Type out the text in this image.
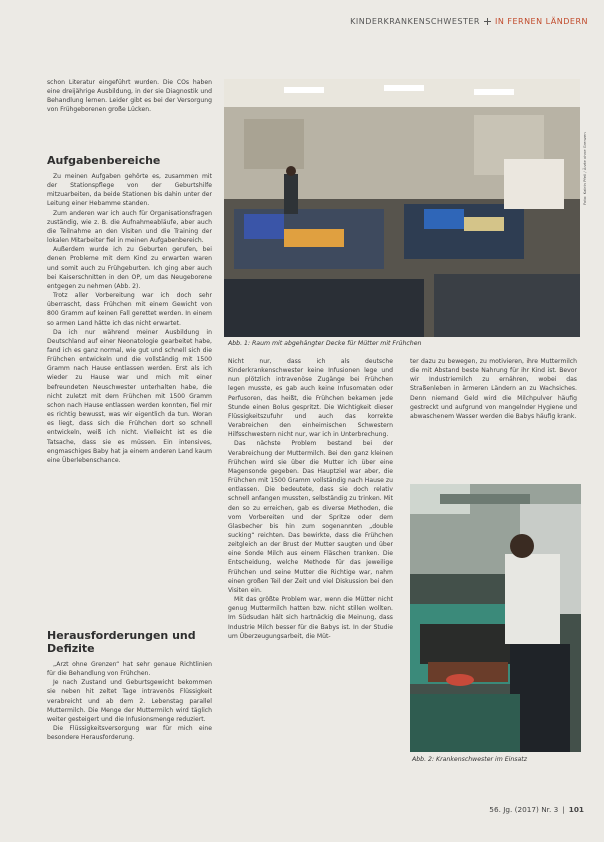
KINDERKRANKENSCHWESTER IN FERNEN LÄNDERN

schon Literatur eingeführt wurden. Die COs haben eine dreijährige Ausbildung, in der sie Diagnostik und Behandlung lernen. Leider gibt es bei der Versorgung von Frühgeborenen große Lücken.

Aufgabenbereiche

Zu meinen Aufgaben gehörte es, zusammen mit der Stationspflege von der Geburtshilfe mitzuarbeiten, da beide Stationen bis dahin unter der Leitung einer Hebamme standen.

Zum anderen war ich auch für Organisationsfragen zuständig, wie z. B. die Aufnahmeabläufe, aber auch die Teilnahme an den Visiten und die Training der lokalen Mitarbeiter fiel in meinen Aufgabenbereich.

Außerdem wurde ich zu Geburten gerufen, bei denen Probleme mit dem Kind zu erwarten waren und somit auch zu Frühgeburten. Ich ging aber auch bei Kaiserschnitten in den OP, um das Neugeborene entgegen zu nehmen (Abb. 2).

Trotz aller Vorbereitung war ich doch sehr überrascht, dass Frühchen mit einem Gewicht von 800 Gramm auf keinen Fall gerettet werden. In einem so armen Land hätte ich das nicht erwartet.

Da ich nur während meiner Ausbildung in Deutschland auf einer Neonatologie gearbeitet habe, fand ich es ganz normal, wie gut und schnell sich die Frühchen entwickeln und die vollständig mit 1500 Gramm nach Hause entlassen werden. Erst als ich wieder zu Hause war und mich mit einer befreundeten Neuschwester unterhalten habe, die nicht zuletzt mit dem Frühchen mit 1500 Gramm schon nach Hause entlassen werden konnten, fiel mir es richtig bewusst, was wir eigentlich da tun. Woran es liegt, dass sich die Frühchen dort so schnell entwickeln, weiß ich nicht. Vielleicht ist es die Tatsache, dass sie es müssen. Ein intensives, engmaschiges Baby hat ja einem anderen Land kaum eine Überlebenschance.

Herausforderungen und Defizite

„Arzt ohne Grenzen“ hat sehr genaue Richtlinien für die Behandlung von Frühchen.

Je nach Zustand und Geburtsgewicht bekommen sie neben hit zeltet Tage intravenös Flüssigkeit verabreicht und ab dem 2. Lebenstag parallel Muttermilch. Die Menge der Muttermilch wird täglich weiter gesteigert und die Infusionsmenge reduziert.

Die Flüssigkeitsversorgung war für mich eine besondere Herausforderung.

Foto: Katrin Pfeil / Ärzte ohne Grenzen
Abb. 1: Raum mit abgehängter Decke für Mütter mit Frühchen

Nicht nur, dass ich als deutsche Kinderkrankenschwester keine Infusionen lege und nun plötzlich intravenöse Zugänge bei Frühchen legen musste, es gab auch keine Infusomaten oder Perfusoren, das heißt, die Frühchen bekamen jede Stunde einen Bolus gespritzt. Die Wichtigkeit dieser Flüssigkeitszufuhr und auch das korrekte Verabreichen den einheimischen Schwestern Hilfsschwestern nicht nur, war ich in Unterbrechung.

Das nächste Problem bestand bei der Verabreichung der Muttermilch. Bei den ganz kleinen Frühchen wird sie über die Mutter ich über eine Magensonde gegeben. Das Hauptziel war aber, die Frühchen mit 1500 Gramm vollständig nach Hause zu entlassen. Die bedeutete, dass sie doch relativ schnell anfangen mussten, selbständig zu trinken. Mit den so zu erreichen, gab es diverse Methoden, die vom Vorbereiten und der Spritze oder dem Glasbecher bis hin zum sogenannten „double sucking“ reichten. Das bewirkte, dass die Frühchen zeitgleich an der Brust der Mutter saugten und über eine Sonde Milch aus einem Fläschen tranken. Die Entscheidung, welche Methode für das jeweilige Frühchen und seine Mutter die Richtige war, nahm einen großen Teil der Zeit und viel Diskussion bei den Visiten ein.

Mit das größte Problem war, wenn die Mütter nicht genug Muttermilch hatten bzw. nicht stillen wollten. Im Südsudan hält sich hartnäckig die Meinung, dass Industrie Milch besser für die Babys ist. In der Studie um Überzeugungsarbeit, die Müt-

ter dazu zu bewegen, zu motivieren, ihre Muttermilch die mit Abstand beste Nahrung für ihr Kind ist. Bevor wir Industriemilch zu ernähren, wobei das Straßenleben in ärmeren Ländern an zu Wachsiches. Denn niemand Geld wird die Milchpulver häufig gestreckt und aufgrund von mangelnder Hygiene und abwaschenem Wasser werden die Babys häufig krank.

Abb. 2: Krankenschwester im Einsatz
56. Jg. (2017) Nr. 3 | 101
